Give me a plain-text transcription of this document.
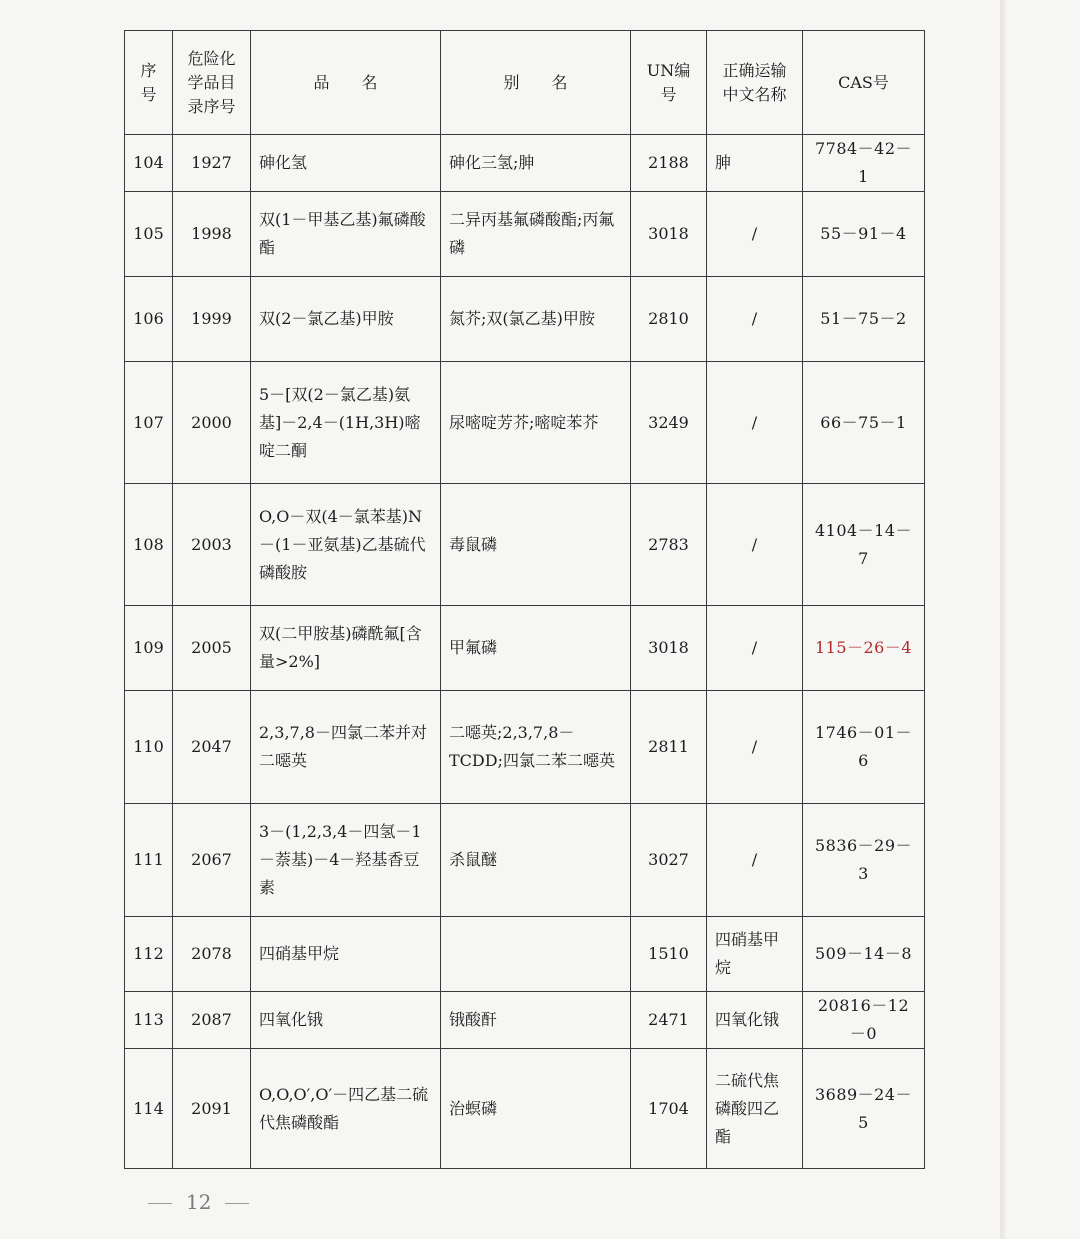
序号	危险化学品目录序号	品　　名	别　　名	UN编号	正确运输中文名称	CAS号
104	1927	砷化氢	砷化三氢;胂	2188	胂	7784－42－1
105	1998	双(1－甲基乙基)氟磷酸酯	二异丙基氟磷酸酯;丙氟磷	3018	/	55－91－4
106	1999	双(2－氯乙基)甲胺	氮芥;双(氯乙基)甲胺	2810	/	51－75－2
107	2000	5－[双(2－氯乙基)氨基]－2,4－(1H,3H)嘧啶二酮	尿嘧啶芳芥;嘧啶苯芥	3249	/	66－75－1
108	2003	O,O－双(4－氯苯基)N－(1－亚氨基)乙基硫代磷酸胺	毒鼠磷	2783	/	4104－14－7
109	2005	双(二甲胺基)磷酰氟[含量>2%]	甲氟磷	3018	/	115－26－4
110	2047	2,3,7,8－四氯二苯并对二噁英	二噁英;2,3,7,8－TCDD;四氯二苯二噁英	2811	/	1746－01－6
111	2067	3－(1,2,3,4－四氢－1－萘基)－4－羟基香豆素	杀鼠醚	3027	/	5836－29－3
112	2078	四硝基甲烷		1510	四硝基甲烷	509－14－8
113	2087	四氧化锇	锇酸酐	2471	四氧化锇	20816－12－0
114	2091	O,O,O′,O′－四乙基二硫代焦磷酸酯	治螟磷	1704	二硫代焦磷酸四乙酯	3689－24－5
12
